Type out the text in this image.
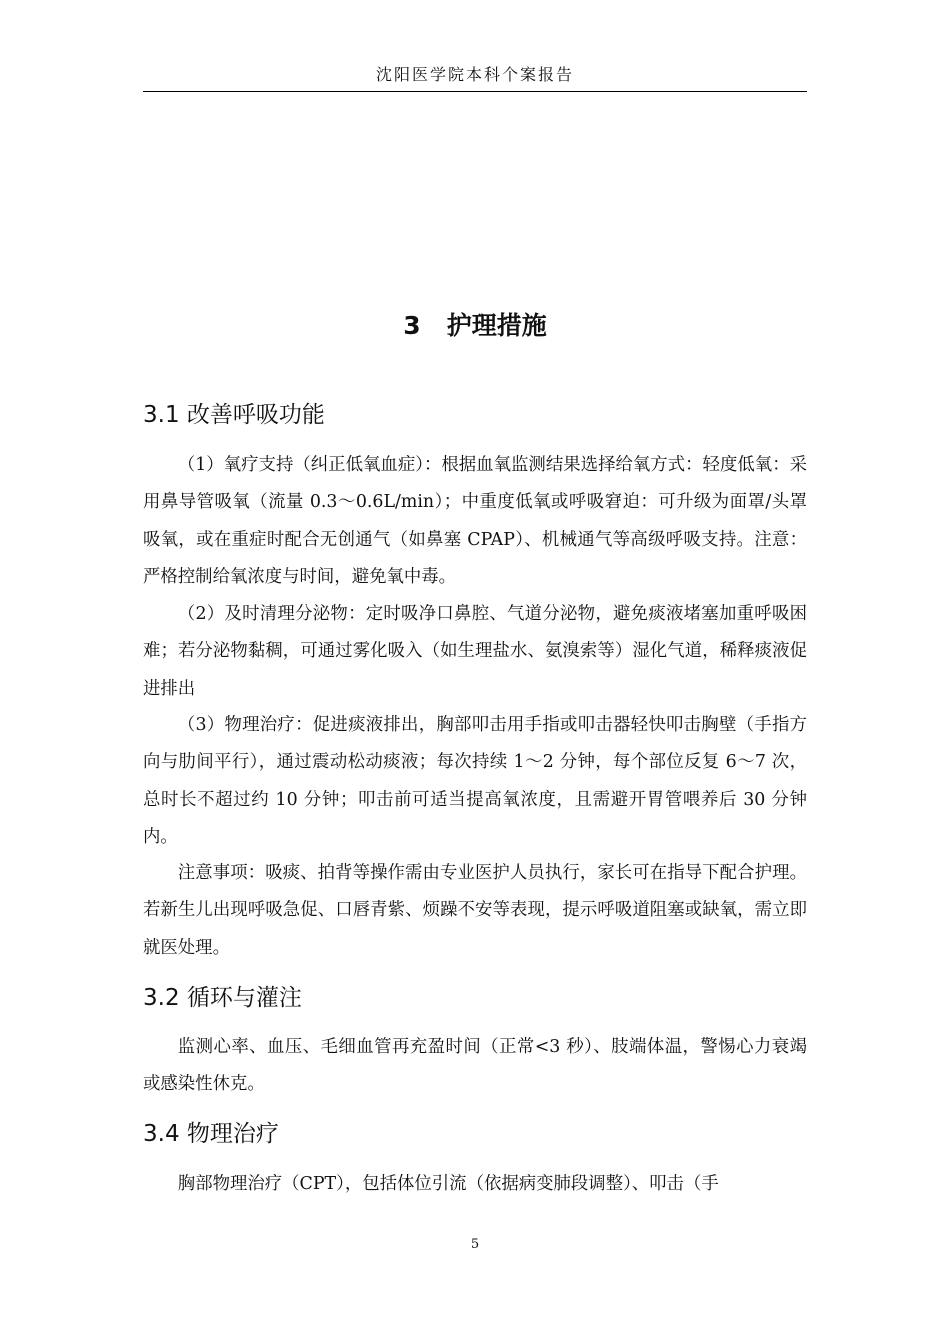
沈阳医学院本科个案报告
3 护理措施
3.1 改善呼吸功能

（1）氧疗支持（纠正低氧血症）：根据血氧监测结果选择给氧方式：轻度低氧：采用鼻导管吸氧（流量 0.3～0.6L/min）；中重度低氧或呼吸窘迫：可升级为面罩/头罩吸氧，或在重症时配合无创通气（如鼻塞 CPAP）、机械通气等高级呼吸支持。注意：严格控制给氧浓度与时间，避免氧中毒。

（2）及时清理分泌物：定时吸净口鼻腔、气道分泌物，避免痰液堵塞加重呼吸困难；若分泌物黏稠，可通过雾化吸入（如生理盐水、氨溴索等）湿化气道，稀释痰液促进排出

（3）物理治疗：促进痰液排出，胸部叩击用手指或叩击器轻快叩击胸壁（手指方向与肋间平行），通过震动松动痰液；每次持续 1～2 分钟，每个部位反复 6～7 次，总时长不超过约 10 分钟；叩击前可适当提高氧浓度，且需避开胃管喂养后 30 分钟内。

注意事项：吸痰、拍背等操作需由专业医护人员执行，家长可在指导下配合护理。若新生儿出现呼吸急促、口唇青紫、烦躁不安等表现，提示呼吸道阻塞或缺氧，需立即就医处理。

3.2 循环与灌注

监测心率、血压、毛细血管再充盈时间（正常<3 秒）、肢端体温，警惕心力衰竭或感染性休克。

3.4 物理治疗

胸部物理治疗（CPT），包括体位引流（依据病变肺段调整）、叩击（手

5
